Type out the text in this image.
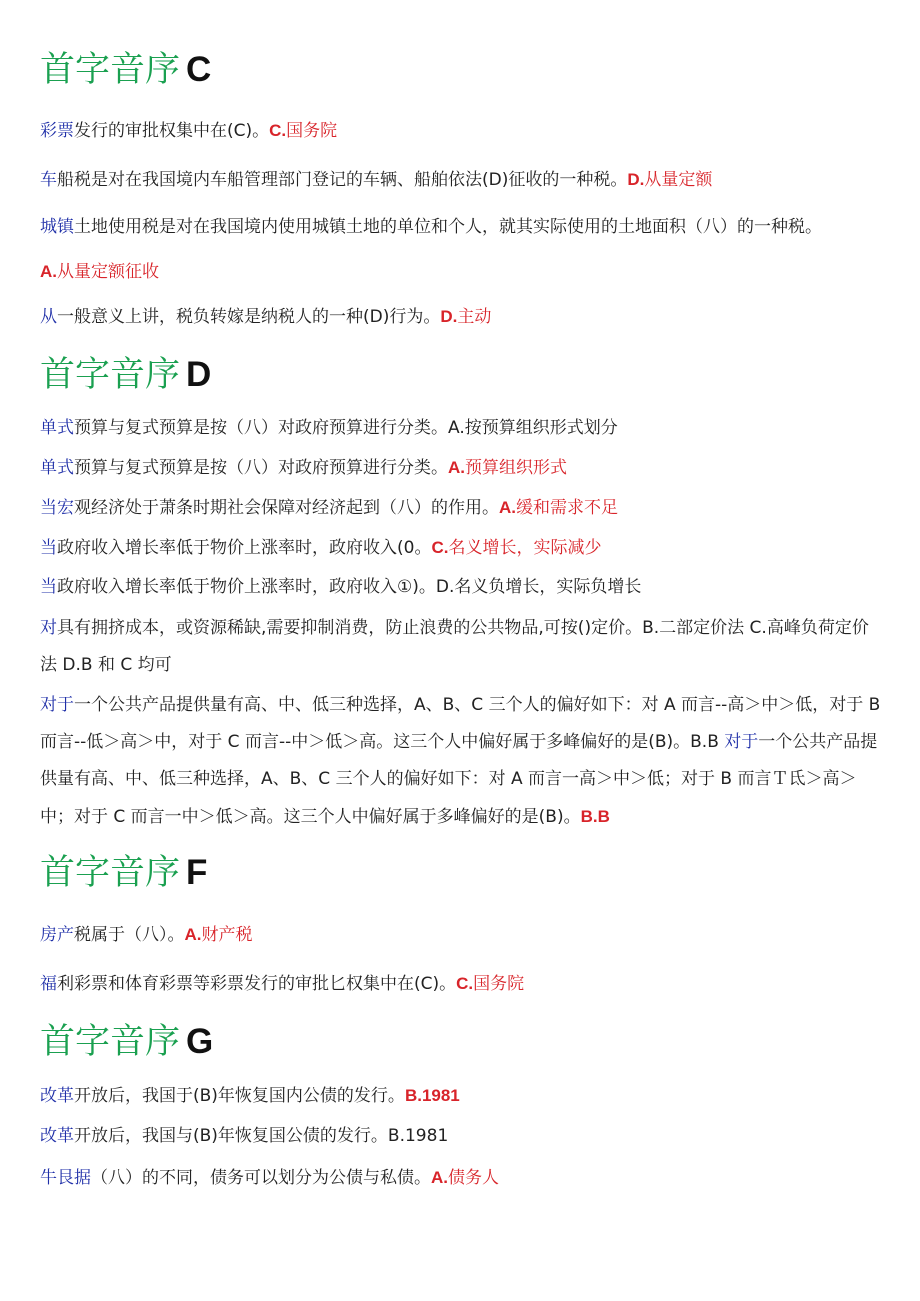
首字音序 C
彩票发行的审批权集中在(C)。C.国务院
车船税是对在我国境内车船管理部门登记的车辆、船舶依法(D)征收的一种税。D.从量定额
城镇土地使用税是对在我国境内使用城镇土地的单位和个人，就其实际使用的土地面积（八）的一种税。
A.从量定额征收
从一般意义上讲，税负转嫁是纳税人的一种(D)行为。D.主动
首字音序 D
单式预算与复式预算是按（八）对政府预算进行分类。A.按预算组织形式划分
单式预算与复式预算是按（八）对政府预算进行分类。A.预算组织形式
当宏观经济处于萧条时期社会保障对经济起到（八）的作用。A.缓和需求不足
当政府收入增长率低于物价上涨率时，政府收入(0。C.名义增长，实际减少
当政府收入增长率低于物价上涨率时，政府收入①)。D.名义负增长，实际负增长
对具有拥挤成本，或资源稀缺,需要抑制消费，防止浪费的公共物品,可按()定价。B.二部定价法 C.高峰负荷定价法 D.B 和 C 均可
对于一个公共产品提供量有高、中、低三种选择，A、B、C 三个人的偏好如下：对 A 而言--高＞中＞低，对于 B 而言--低＞高＞中，对于 C 而言--中＞低＞高。这三个人中偏好属于多峰偏好的是(B)。B.B 对于一个公共产品提供量有高、中、低三种选择，A、B、C 三个人的偏好如下：对 A 而言一高＞中＞低；对于 B 而言Ｔ氐＞高＞中；对于 C 而言一中＞低＞高。这三个人中偏好属于多峰偏好的是(B)。B.B
首字音序 F
房产税属于（八）。A.财产税
福利彩票和体育彩票等彩票发行的审批匕权集中在(C)。C.国务院
首字音序 G
改革开放后，我国于(B)年恢复国内公债的发行。B.1981
改革开放后，我国与(B)年恢复国公债的发行。B.1981
牛艮据（八）的不同，债务可以划分为公债与私债。A.债务人
